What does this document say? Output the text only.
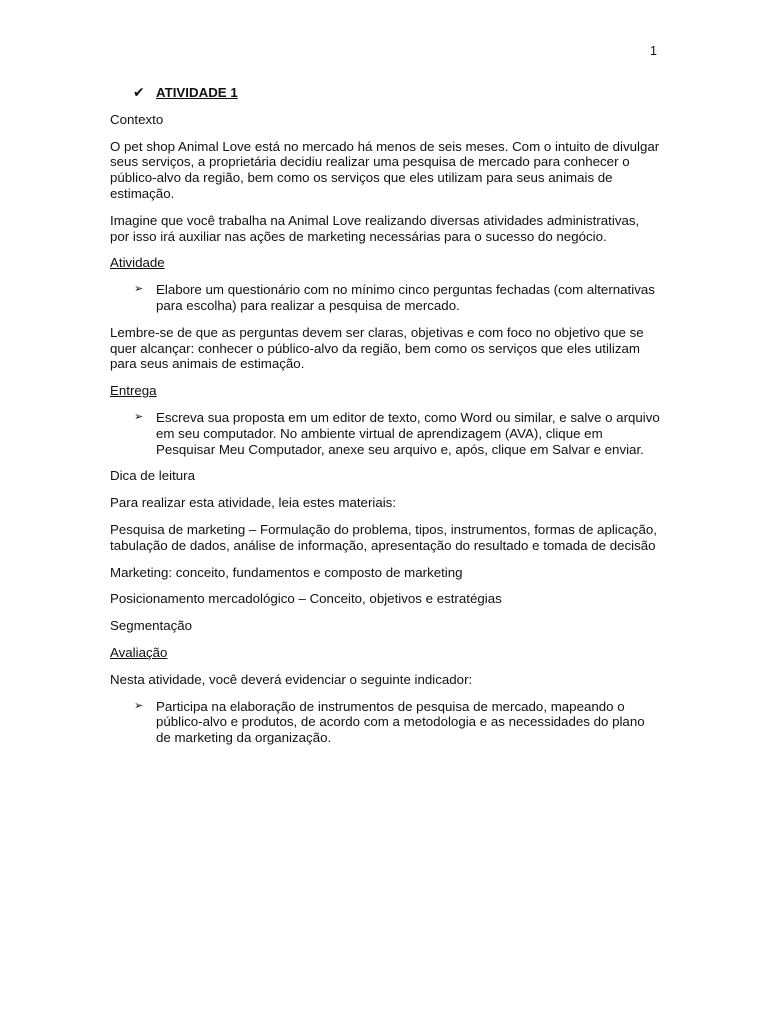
1
✔ ATIVIDADE 1

Contexto

O pet shop Animal Love está no mercado há menos de seis meses. Com o intuito de divulgar seus serviços, a proprietária decidiu realizar uma pesquisa de mercado para conhecer o público-alvo da região, bem como os serviços que eles utilizam para seus animais de estimação.

Imagine que você trabalha na Animal Love realizando diversas atividades administrativas, por isso irá auxiliar nas ações de marketing necessárias para o sucesso do negócio.

Atividade

➢ Elabore um questionário com no mínimo cinco perguntas fechadas (com alternativas para escolha) para realizar a pesquisa de mercado.

Lembre-se de que as perguntas devem ser claras, objetivas e com foco no objetivo que se quer alcançar: conhecer o público-alvo da região, bem como os serviços que eles utilizam para seus animais de estimação.

Entrega

➢ Escreva sua proposta em um editor de texto, como Word ou similar, e salve o arquivo em seu computador. No ambiente virtual de aprendizagem (AVA), clique em Pesquisar Meu Computador, anexe seu arquivo e, após, clique em Salvar e enviar.

Dica de leitura

Para realizar esta atividade, leia estes materiais:

Pesquisa de marketing – Formulação do problema, tipos, instrumentos, formas de aplicação, tabulação de dados, análise de informação, apresentação do resultado e tomada de decisão

Marketing: conceito, fundamentos e composto de marketing

Posicionamento mercadológico – Conceito, objetivos e estratégias

Segmentação

Avaliação

Nesta atividade, você deverá evidenciar o seguinte indicador:

➢ Participa na elaboração de instrumentos de pesquisa de mercado, mapeando o público-alvo e produtos, de acordo com a metodologia e as necessidades do plano de marketing da organização.
